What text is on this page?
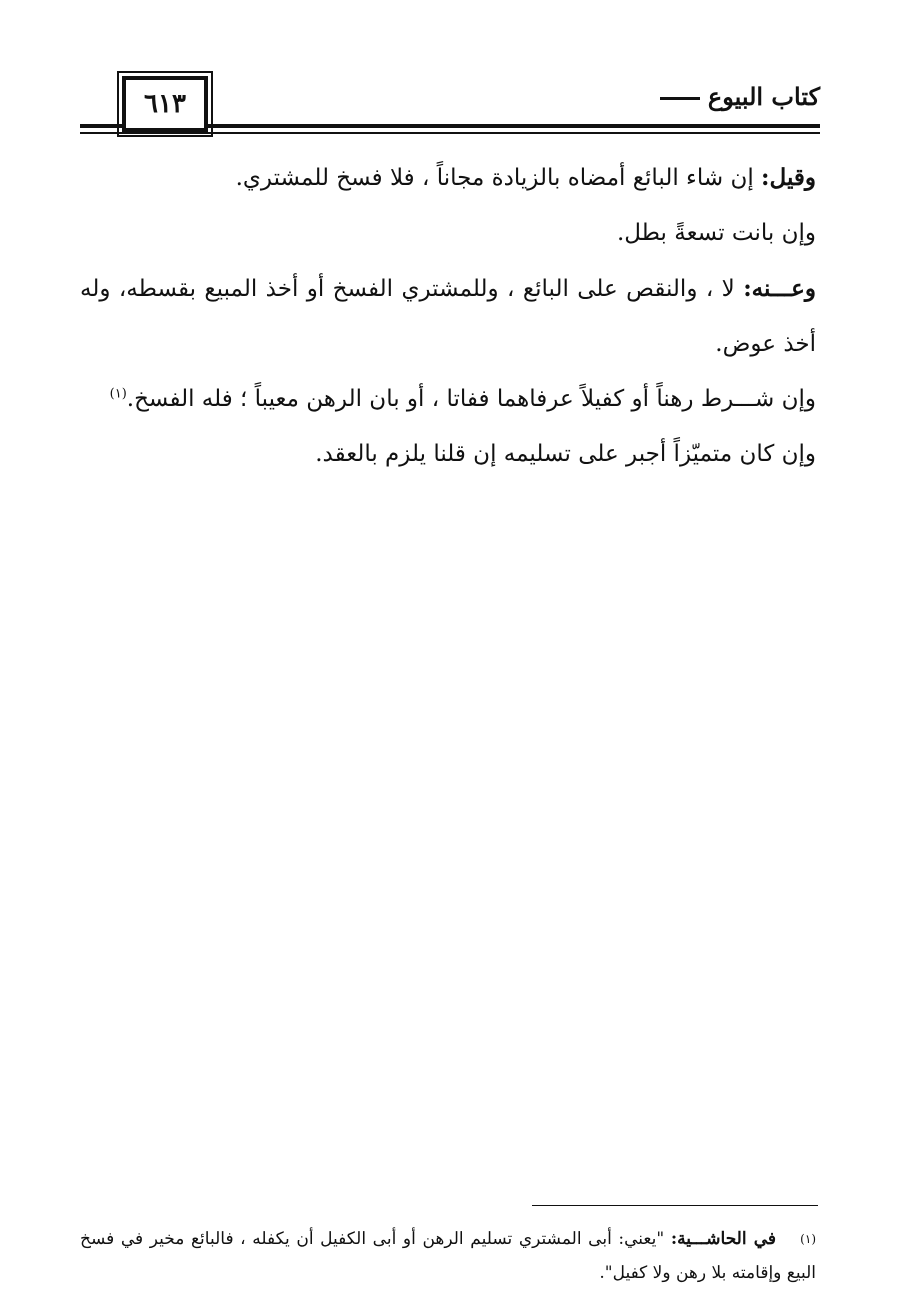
٦١٣	كتاب البيوع

وقيل: إن شاء البائع أمضاه بالزيادة مجاناً ، فلا فسخ للمشتري.

وإن بانت تسعةً بطل.

وعـــنه: لا ، والنقص على البائع ، وللمشتري الفسخ أو أخذ المبيع بقسطه، وله أخذ عوض.

وإن شـــرط رهناً أو كفيلاً عرفاهما ففاتا ، أو بان الرهن معيباً ؛ فله الفسخ.$^{(١)}$

وإن كان متميّزاً أجبر على تسليمه إن قلنا يلزم بالعقد.

(١)في الحاشـــية: "يعني: أبى المشتري تسليم الرهن أو أبى الكفيل أن يكفله ، فالبائع مخير في فسخ البيع وإقامته بلا رهن ولا كفيل".
